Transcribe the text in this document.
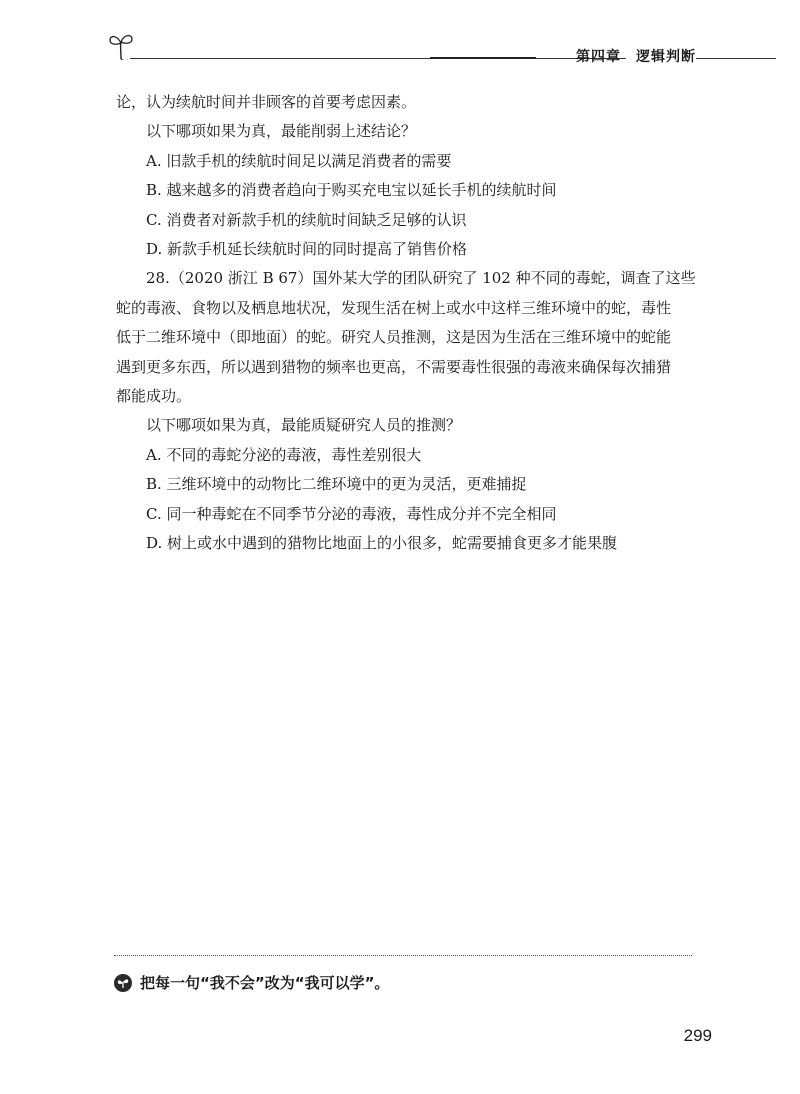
第四章　逻辑判断

论，认为续航时间并非顾客的首要考虑因素。

以下哪项如果为真，最能削弱上述结论？

A. 旧款手机的续航时间足以满足消费者的需要

B. 越来越多的消费者趋向于购买充电宝以延长手机的续航时间

C. 消费者对新款手机的续航时间缺乏足够的认识

D. 新款手机延长续航时间的同时提高了销售价格

28.（2020 浙江 B 67）国外某大学的团队研究了 102 种不同的毒蛇，调查了这些

蛇的毒液、食物以及栖息地状况，发现生活在树上或水中这样三维环境中的蛇，毒性

低于二维环境中（即地面）的蛇。研究人员推测，这是因为生活在三维环境中的蛇能

遇到更多东西，所以遇到猎物的频率也更高，不需要毒性很强的毒液来确保每次捕猎

都能成功。

以下哪项如果为真，最能质疑研究人员的推测？

A. 不同的毒蛇分泌的毒液，毒性差别很大

B. 三维环境中的动物比二维环境中的更为灵活，更难捕捉

C. 同一种毒蛇在不同季节分泌的毒液，毒性成分并不完全相同

D. 树上或水中遇到的猎物比地面上的小很多，蛇需要捕食更多才能果腹

把每一句“我不会”改为“我可以学”。
299
